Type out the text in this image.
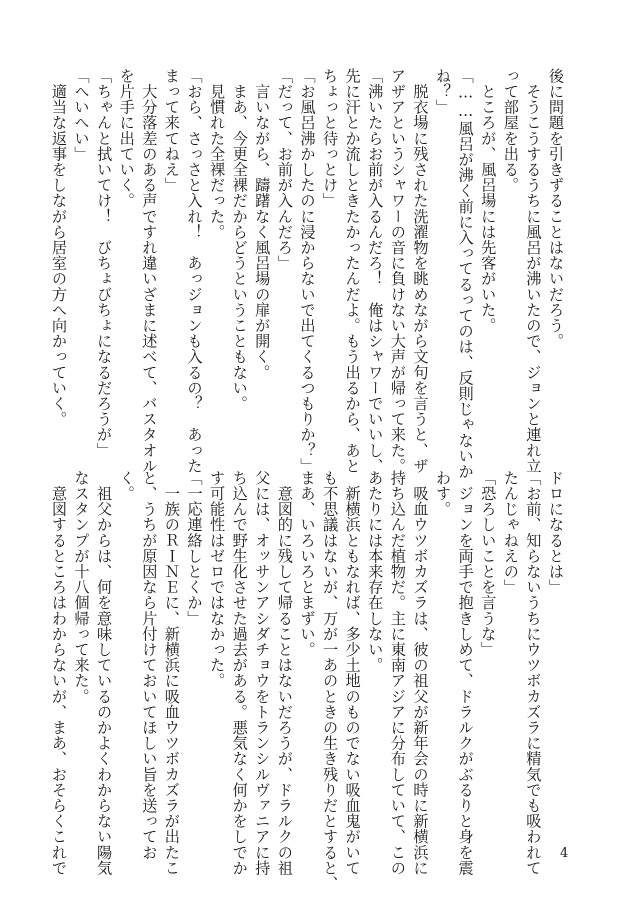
後に問題を引きずることはないだろう。
　そうこうするうちに風呂が沸いたので、ジョンと連れ立
って部屋を出る。
　ところが、風呂場には先客がいた。
「……風呂が沸く前に入ってるってのは、反則じゃないか
ね？」
　脱衣場に残された洗濯物を眺めながら文句を言うと、ザ
アザアというシャワーの音に負けない大声が帰って来た。
「沸いたらお前が入るんだろ！　俺はシャワーでいいし、
先に汗とか流しときたかったんだよ。もう出るから、あと
ちょっと待っとけ」
「お風呂沸かしたのに浸からないで出てくるつもりか？」
「だって、お前が入んだろ」
　言いながら、躊躇なく風呂場の扉が開く。
　まあ、今更全裸だからどうということもない。
　見慣れた全裸だった。
「おら、さっさと入れ！　あっジョンも入るの？　あった
まって来てねえ」
　大分落差のある声ですれ違いざまに述べて、バスタオル
を片手に出ていく。
「ちゃんと拭いてけ！　びちょびちょになるだろうが」
「へいへい」
　適当な返事をしながら居室の方へ向かっていく。
ドロになるとは」
「お前、知らないうちにウツボカズラに精気でも吸われて
たんじゃねえの」
「恐ろしいことを言うな」
　ジョンを両手で抱きしめて、ドラルクがぶるりと身を震
わす。
　吸血ウツボカズラは、彼の祖父が新年会の時に新横浜に
持ち込んだ植物だ。主に東南アジアに分布していて、この
あたりには本来存在しない。
　新横浜ともなれば、多少土地のものでない吸血鬼がいて
も不思議はないが、万が一あのときの生き残りだとすると、
まあ、いろいろとまずい。
　意図的に残して帰ることはないだろうが、ドラルクの祖
父には、オッサンアシダチョウをトランシルヴァニアに持
ち込んで野生化させた過去がある。悪気なく何かをしでか
す可能性はゼロではなかった。
「一応連絡しとくか」
　一族のＲＩＮＥに、新横浜に吸血ウツボカズラが出たこ
と、うちが原因なら片付けておいてほしい旨を送ってお
く。
　祖父からは、何を意味しているのかよくわからない陽気
なスタンプが十八個帰って来た。
　意図するところはわからないが、まあ、おそらくこれで	4
